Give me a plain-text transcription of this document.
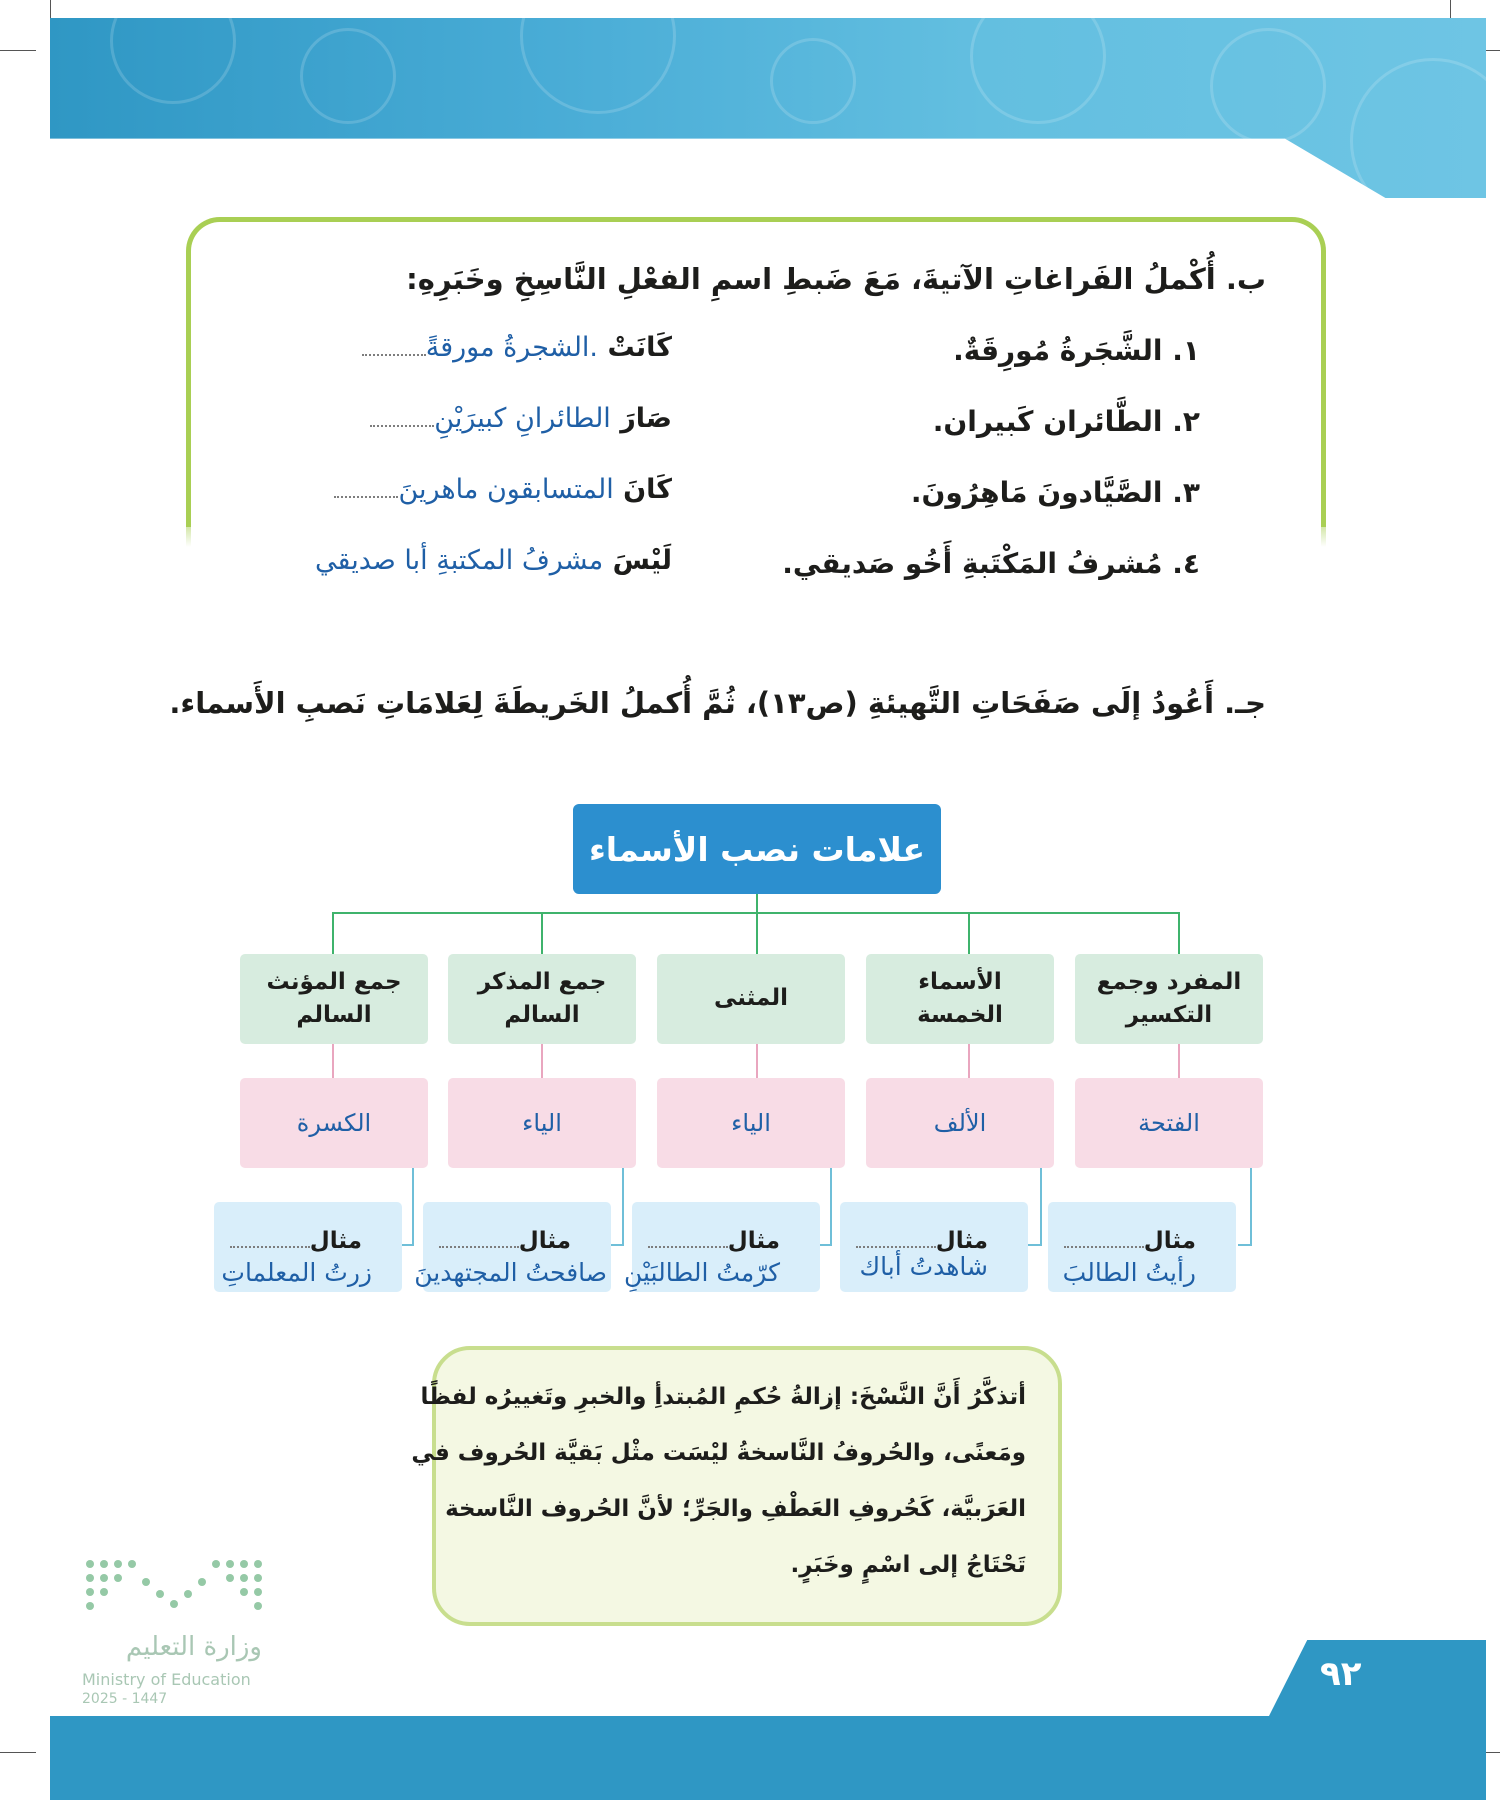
ب. أُكْملُ الفَراغاتِ الآتيةَ، مَعَ ضَبطِ اسمِ الفعْلِ النَّاسِخِ وخَبَرِهِ:
١. الشَّجَرةُ مُورِقَةٌ.
كَانَتْ .الشجرةُ مورقةً
٢. الطَّائران كَبيران.
صَارَ الطائرانِ كبيرَيْنِ
٣. الصَّيَّادونَ مَاهِرُونَ.
كَانَ المتسابقون ماهرينَ
٤. مُشرفُ المَكْتَبةِ أَخُو صَديقي.
لَيْسَ مشرفُ المكتبةِ أبا صديقي
جـ. أَعُودُ إلَى صَفَحَاتِ التَّهيئةِ (ص١٣)، ثُمَّ أُكملُ الخَريطَةَ لِعَلامَاتِ نَصبِ الأَسماء.
علامات نصب الأسماء
المفرد وجمع
التكسير
الفتحة
مثال
رأيتُ الطالبَ
الأسماء
الخمسة
الألف
مثال
شاهدتُ أباك
المثنى
الياء
مثال
كرّمتُ الطالبَيْنِ
جمع المذكر
السالم
الياء
مثال
صافحتُ المجتهدينَ
جمع المؤنث
السالم
الكسرة
مثال
زرتُ المعلماتِ
أتذكَّرُ أَنَّ النَّسْخَ: إزالةُ حُكمِ المُبتدأِ والخبرِ وتَغييرُه لفظًا
ومَعنًى، والحُروفُ النَّاسخةُ ليْسَت مثْل بَقيَّة الحُروف في
العَرَبيَّة، كَحُروفِ العَطْفِ والجَرِّ؛ لأنَّ الحُروف النَّاسخة
تَحْتَاجُ إلى اسْمٍ وخَبَرٍ.
وزارة التعليم
Ministry of Education
2025 - 1447
٩٢
